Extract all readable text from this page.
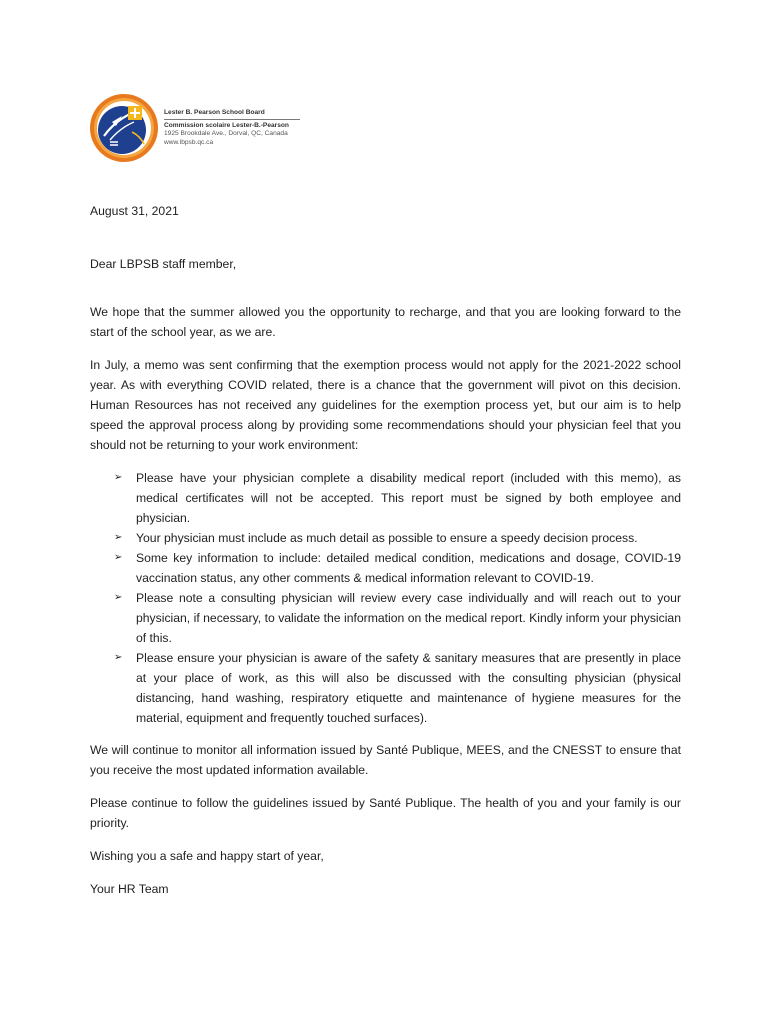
Lester B. Pearson School Board
Commission scolaire Lester-B.-Pearson
1925 Brookdale Ave., Dorval, QC, Canada
www.lbpsb.qc.ca
August 31, 2021
Dear LBPSB staff member,
We hope that the summer allowed you the opportunity to recharge, and that you are looking forward to the start of the school year, as we are.
In July, a memo was sent confirming that the exemption process would not apply for the 2021-2022 school year. As with everything COVID related, there is a chance that the government will pivot on this decision. Human Resources has not received any guidelines for the exemption process yet, but our aim is to help speed the approval process along by providing some recommendations should your physician feel that you should not be returning to your work environment:
➢ Please have your physician complete a disability medical report (included with this memo), as medical certificates will not be accepted. This report must be signed by both employee and physician.
➢ Your physician must include as much detail as possible to ensure a speedy decision process.
➢ Some key information to include: detailed medical condition, medications and dosage, COVID-19 vaccination status, any other comments & medical information relevant to COVID-19.
➢ Please note a consulting physician will review every case individually and will reach out to your physician, if necessary, to validate the information on the medical report. Kindly inform your physician of this.
➢ Please ensure your physician is aware of the safety & sanitary measures that are presently in place at your place of work, as this will also be discussed with the consulting physician (physical distancing, hand washing, respiratory etiquette and maintenance of hygiene measures for the material, equipment and frequently touched surfaces).
We will continue to monitor all information issued by Santé Publique, MEES, and the CNESST to ensure that you receive the most updated information available.
Please continue to follow the guidelines issued by Santé Publique. The health of you and your family is our priority.
Wishing you a safe and happy start of year,
Your HR Team
